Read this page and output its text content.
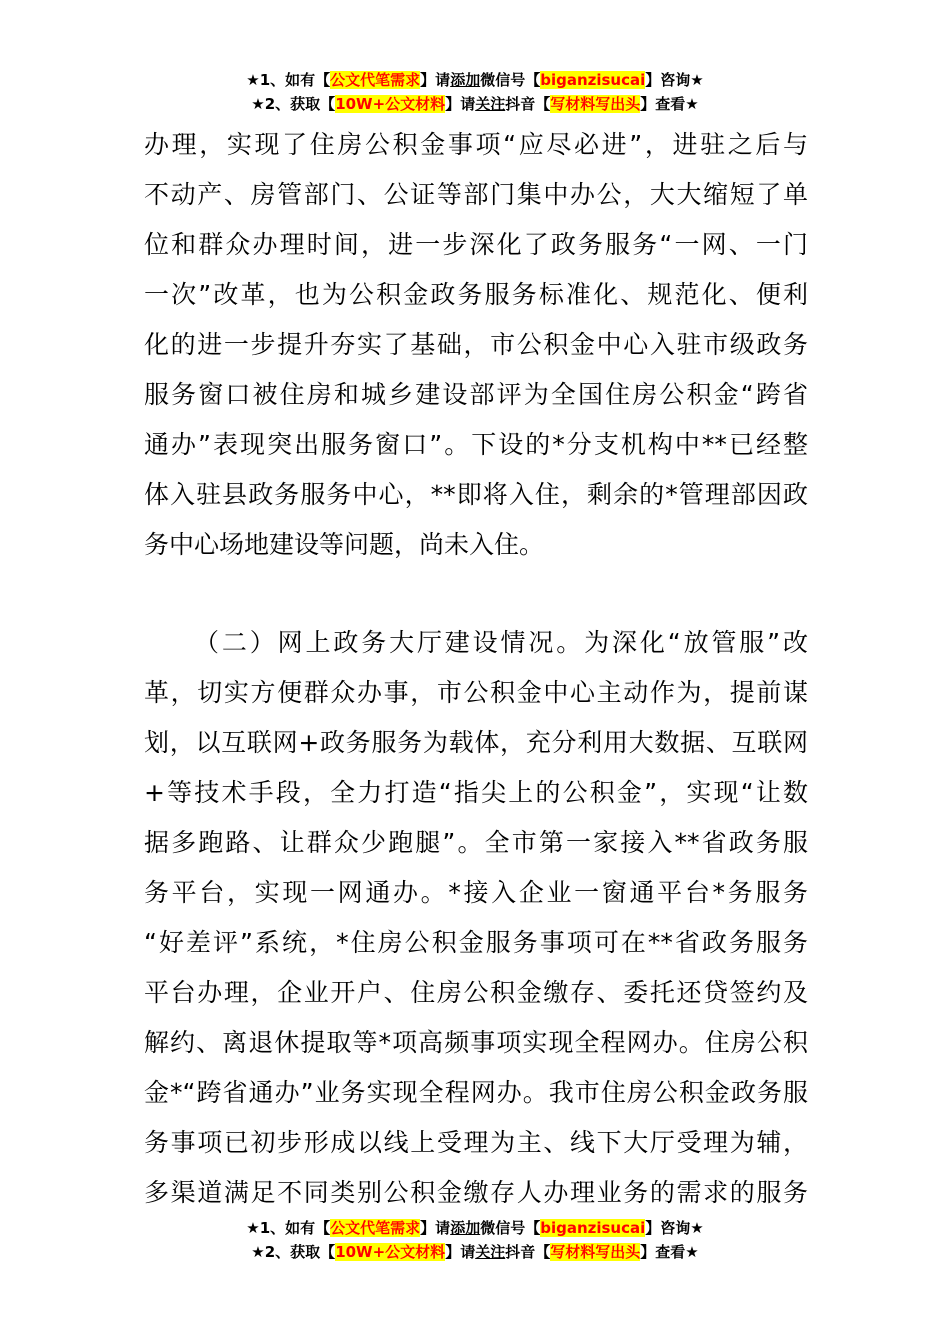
★1、如有【公文代笔需求】请添加微信号【biganzisucai】咨询★
★2、获取【10W+公文材料】请关注抖音【写材料写出头】查看★
办理，实现了住房公积金事项“应尽必进”，进驻之后与
不动产、房管部门、公证等部门集中办公，大大缩短了单
位和群众办理时间，进一步深化了政务服务“一网、一门
一次”改革，也为公积金政务服务标准化、规范化、便利
化的进一步提升夯实了基础，市公积金中心入驻市级政务
服务窗口被住房和城乡建设部评为全国住房公积金“跨省
通办”表现突出服务窗口”。下设的*分支机构中**已经整
体入驻县政务服务中心，**即将入住，剩余的*管理部因政
务中心场地建设等问题，尚未入住。
（二）网上政务大厅建设情况。为深化“放管服”改
革，切实方便群众办事，市公积金中心主动作为，提前谋
划，以互联网+政务服务为载体，充分利用大数据、互联网
+等技术手段，全力打造“指尖上的公积金”，实现“让数
据多跑路、让群众少跑腿”。全市第一家接入**省政务服
务平台，实现一网通办。*接入企业一窗通平台*务服务
“好差评”系统，*住房公积金服务事项可在**省政务服务
平台办理，企业开户、住房公积金缴存、委托还贷签约及
解约、离退休提取等*项高频事项实现全程网办。住房公积
金*“跨省通办”业务实现全程网办。我市住房公积金政务服
务事项已初步形成以线上受理为主、线下大厅受理为辅，
多渠道满足不同类别公积金缴存人办理业务的需求的服务
★1、如有【公文代笔需求】请添加微信号【biganzisucai】咨询★
★2、获取【10W+公文材料】请关注抖音【写材料写出头】查看★
